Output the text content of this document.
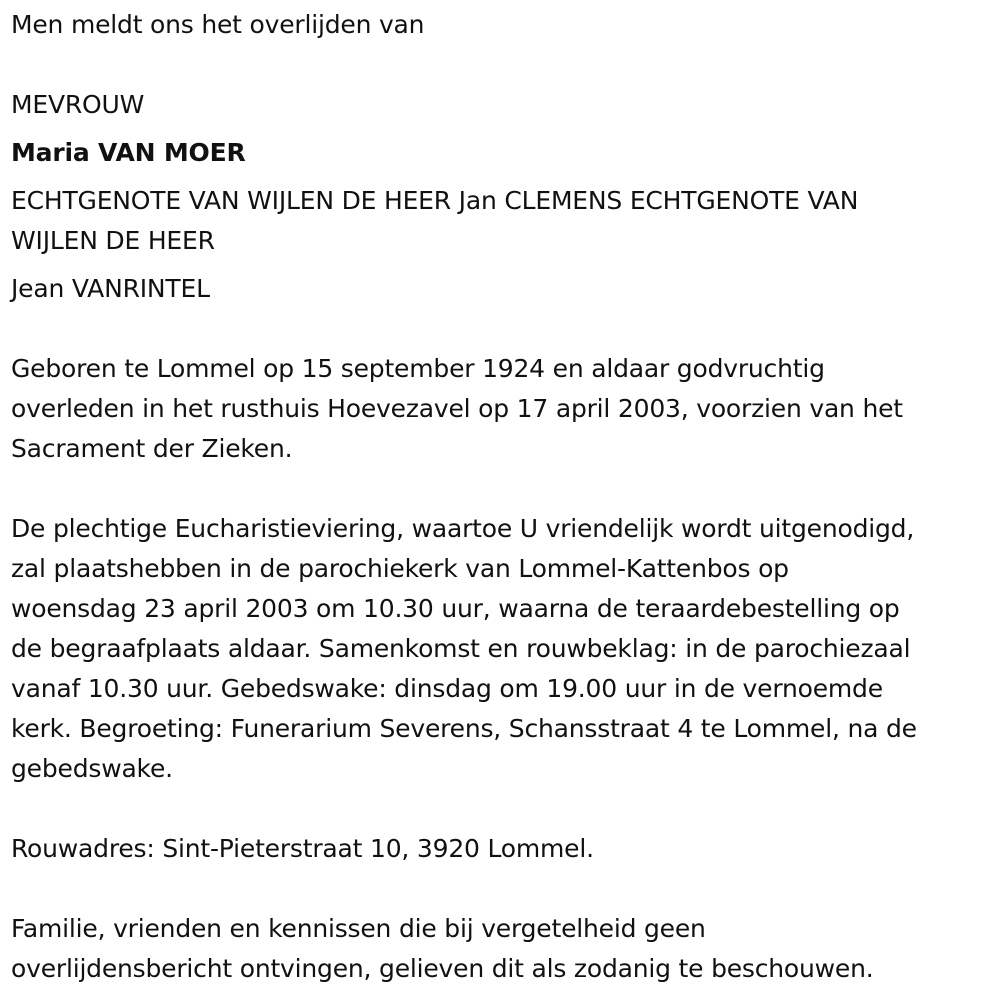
Men meldt ons het overlijden van
MEVROUW
Maria VAN MOER
ECHTGENOTE VAN WIJLEN DE HEER Jan CLEMENS ECHTGENOTE VAN
WIJLEN DE HEER
Jean VANRINTEL
Geboren te Lommel op 15 september 1924 en aldaar godvruchtig
overleden in het rusthuis Hoevezavel op 17 april 2003, voorzien van het
Sacrament der Zieken.
De plechtige Eucharistieviering, waartoe U vriendelijk wordt uitgenodigd,
zal plaatshebben in de parochiekerk van Lommel-Kattenbos op
woensdag 23 april 2003 om 10.30 uur, waarna de teraardebestelling op
de begraafplaats aldaar. Samenkomst en rouwbeklag: in de parochiezaal
vanaf 10.30 uur. Gebedswake: dinsdag om 19.00 uur in de vernoemde
kerk. Begroeting: Funerarium Severens, Schansstraat 4 te Lommel, na de
gebedswake.
Rouwadres: Sint-Pieterstraat 10, 3920 Lommel.
Familie, vrienden en kennissen die bij vergetelheid geen
overlijdensbericht ontvingen, gelieven dit als zodanig te beschouwen.
